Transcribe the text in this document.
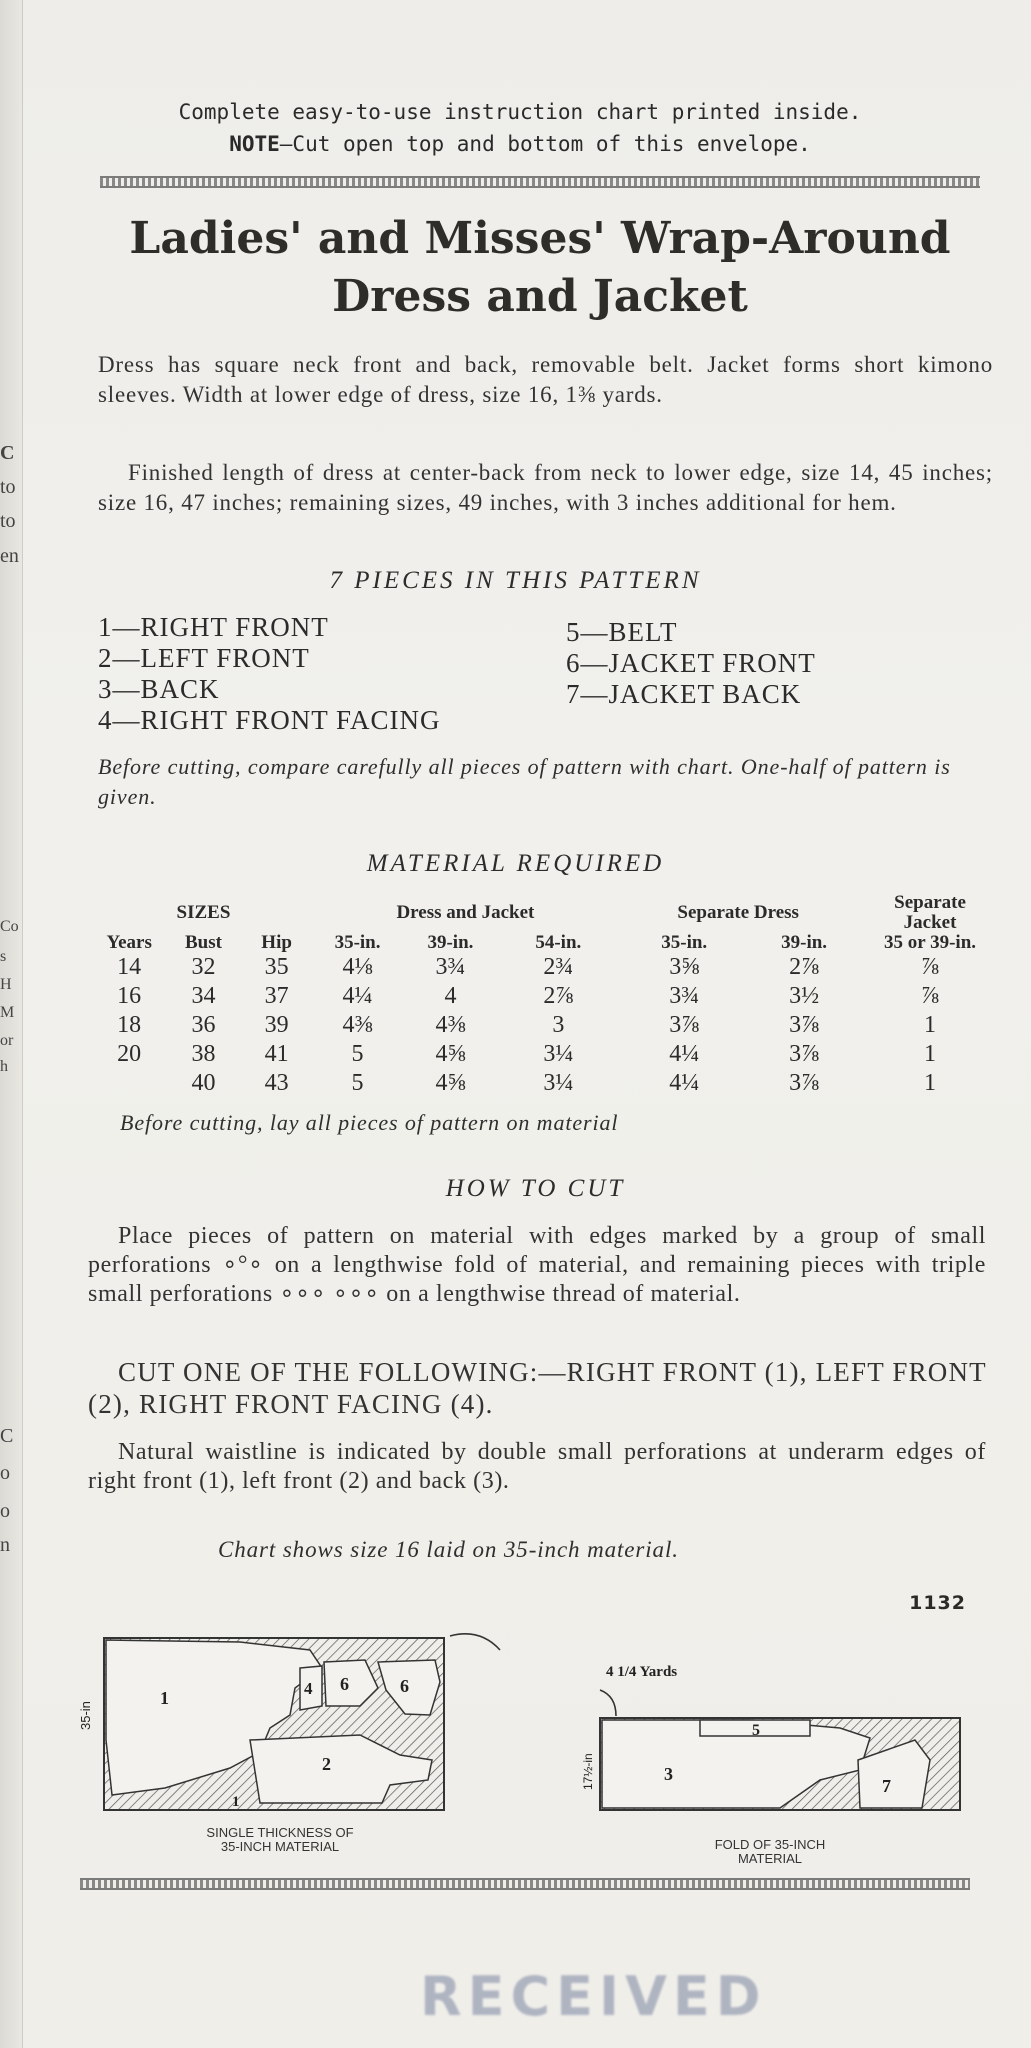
C
to
to
en
Co
s
H
M
or
h
C
o
o
n
Complete easy-to-use instruction chart printed inside.
NOTE—Cut open top and bottom of this envelope.
Ladies' and Misses' Wrap-Around
Dress and Jacket

Dress has square neck front and back, removable belt. Jacket forms short kimono sleeves. Width at lower edge of dress, size 16, 1⅜ yards.

Finished length of dress at center-back from neck to lower edge, size 14, 45 inches; size 16, 47 inches; remaining sizes, 49 inches, with 3 inches additional for hem.

7 PIECES IN THIS PATTERN
1—RIGHT FRONT
2—LEFT FRONT
3—BACK
4—RIGHT FRONT FACING
5—BELT
6—JACKET FRONT
7—JACKET BACK
Before cutting, compare carefully all pieces of pattern with chart. One-half of pattern is given.
MATERIAL REQUIRED
	SIZES		Dress and Jacket			Separate Dress		Separate
Jacket

Years	Bust	Hip	35-in.	39-in.	54-in.	35-in.	39-in.	35 or 39-in.
14	32	35	4⅛	3¾	2¾	3⅝	2⅞	⅞
16	34	37	4¼	4	2⅞	3¾	3½	⅞
18	36	39	4⅜	4⅜	3	3⅞	3⅞	1
20	38	41	5	4⅝	3¼	4¼	3⅞	1
	40	43	5	4⅝	3¼	4¼	3⅞	1
Before cutting, lay all pieces of pattern on material
HOW TO CUT

Place pieces of pattern on material with edges marked by a group of small perforations ∘°∘ on a lengthwise fold of material, and remaining pieces with triple small perforations ∘∘∘ ∘∘∘ on a lengthwise thread of material.

CUT ONE OF THE FOLLOWING:—RIGHT FRONT (1), LEFT FRONT (2), RIGHT FRONT FACING (4).

Natural waistline is indicated by double small perforations at underarm edges of right front (1), left front (2) and back (3).

Chart shows size 16 laid on 35-inch material.
1132
1
2
4 6	6
1
35-in
4 1/4 Yards
3
5
7
17½-in
SINGLE THICKNESS OF
35-INCH MATERIAL	FOLD OF 35-INCH
MATERIAL
RECEIVED
